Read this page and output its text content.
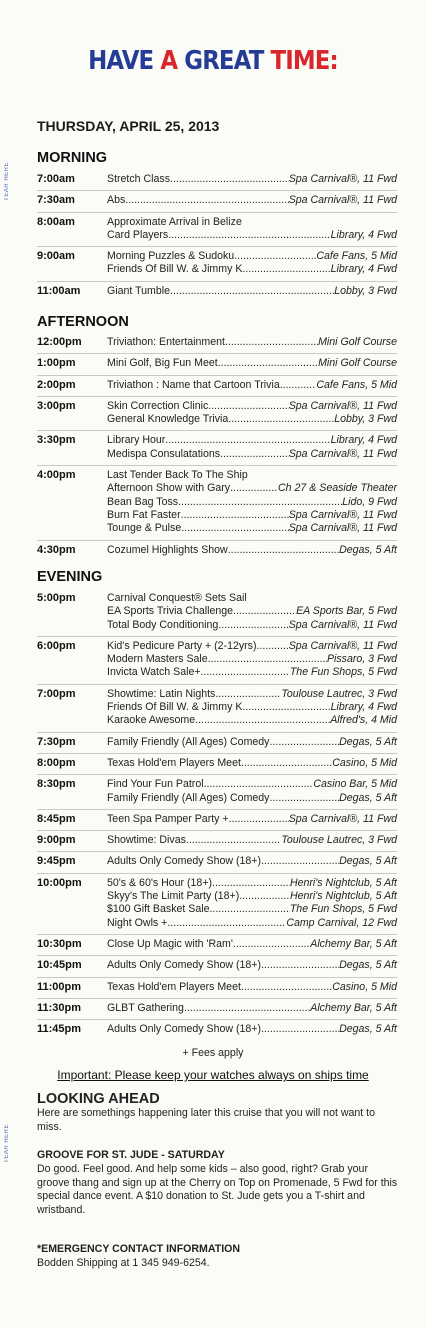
TEAR HERE
TEAR HERE
HAVE A GREAT TIME:
THURSDAY, APRIL 25, 2013
MORNING
7:00am	Stretch Class .....	Spa Carnival®, 11 Fwd
7:30am	Abs .....	Spa Carnival®, 11 Fwd
8:00am	Approximate Arrival in Belize
Card Players .....	Library, 4 Fwd
9:00am	Morning Puzzles & Sudoku .....	Cafe Fans, 5 Mid
Friends Of Bill W. & Jimmy K. .....	Library, 4 Fwd
11:00am	Giant Tumble .....	Lobby, 3 Fwd
AFTERNOON
12:00pm Triviathon: Entertainment .....	Mini Golf Course
1:00pm	Mini Golf, Big Fun Meet .....	Mini Golf Course
2:00pm	Triviathon : Name that Cartoon Trivia .....	Cafe Fans, 5 Mid
3:00pm	Skin Correction Clinic .....	Spa Carnival®, 11 Fwd
General Knowledge Trivia .....	Lobby, 3 Fwd
3:30pm	Library Hour .....	Library, 4 Fwd
Medispa Consulatations .....	Spa Carnival®, 11 Fwd
4:00pm	Last Tender Back To The Ship
Afternoon Show with Gary .....	Ch 27 & Seaside Theater
Bean Bag Toss .....	Lido, 9 Fwd
Burn Fat Faster .....	Spa Carnival®, 11 Fwd
Tounge & Pulse .....	Spa Carnival®, 11 Fwd
4:30pm	Cozumel Highlights Show .....	Degas, 5 Aft
EVENING
5:00pm	Carnival Conquest® Sets Sail
EA Sports Trivia Challenge .....	EA Sports Bar, 5 Fwd
Total Body Conditioning .....	Spa Carnival®, 11 Fwd
6:00pm	Kid's Pedicure Party + (2-12yrs) .....	Spa Carnival®, 11 Fwd
Modern Masters Sale .....	Pissaro, 3 Fwd
Invicta Watch Sale+ .....	The Fun Shops, 5 Fwd
7:00pm	Showtime: Latin Nights .....	Toulouse Lautrec, 3 Fwd
Friends Of Bill W. & Jimmy K. .....	Library, 4 Fwd
Karaoke Awesome .....	Alfred's, 4 Mid
7:30pm	Family Friendly (All Ages) Comedy .....	Degas, 5 Aft
8:00pm	Texas Hold'em Players Meet .....	Casino, 5 Mid
8:30pm	Find Your Fun Patrol .....	Casino Bar, 5 Mid
Family Friendly (All Ages) Comedy .....	Degas, 5 Aft
8:45pm	Teen Spa Pamper Party + .....	Spa Carnival®, 11 Fwd
9:00pm	Showtime: Divas .....	Toulouse Lautrec, 3 Fwd
9:45pm	Adults Only Comedy Show (18+) .....	Degas, 5 Aft
10:00pm 50's & 60's Hour (18+) .....	Henri's Nightclub, 5 Aft
Skyy's The Limit Party (18+) .....	Henri's Nightclub, 5 Aft
$100 Gift Basket Sale .....	The Fun Shops, 5 Fwd
Night Owls + .....	Camp Carnival, 12 Fwd
10:30pm Close Up Magic with 'Ram' .....	Alchemy Bar, 5 Aft
10:45pm Adults Only Comedy Show (18+) .....	Degas, 5 Aft
11:00pm Texas Hold'em Players Meet .....	Casino, 5 Mid
11:30pm GLBT Gathering .....	Alchemy Bar, 5 Aft
11:45pm Adults Only Comedy Show (18+) .....	Degas, 5 Aft
+ Fees apply
Important: Please keep your watches always on ships time
LOOKING AHEAD
Here are somethings happening later this cruise that you will not want to miss.
GROOVE FOR ST. JUDE - SATURDAY
Do good. Feel good. And help some kids – also good, right? Grab your groove thang and sign up at the Cherry on Top on Promenade, 5 Fwd for this special dance event. A $10 donation to St. Jude gets you a T-shirt and wristband.
*EMERGENCY CONTACT INFORMATION
Bodden Shipping at 1 345 949-6254.
